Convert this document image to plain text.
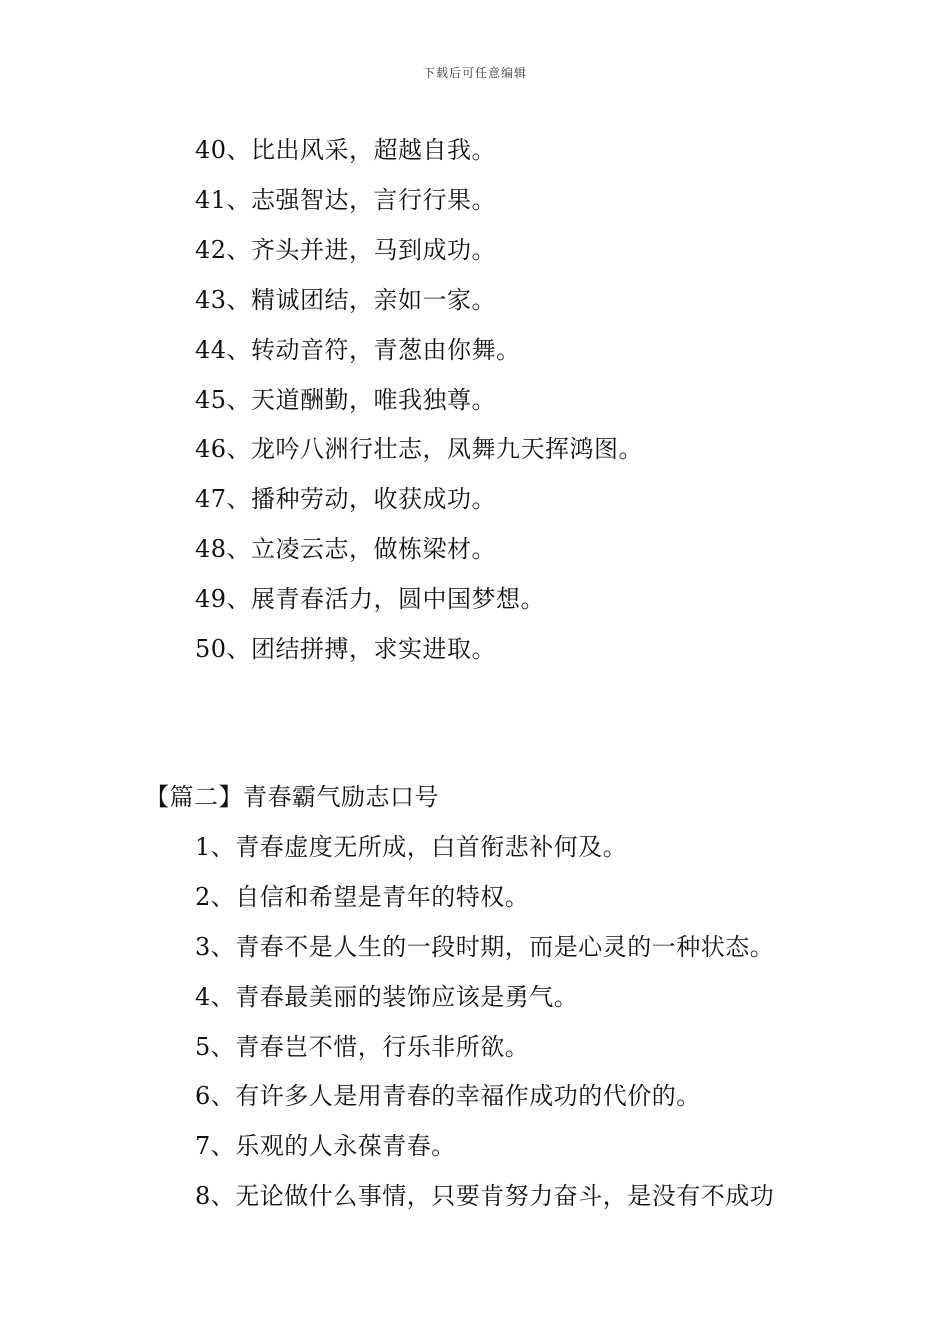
下载后可任意编辑
40、比出风采，超越自我。
41、志强智达，言行行果。
42、齐头并进，马到成功。
43、精诚团结，亲如一家。
44、转动音符，青葱由你舞。
45、天道酬勤，唯我独尊。
46、龙吟八洲行壮志，凤舞九天挥鸿图。
47、播种劳动，收获成功。
48、立凌云志，做栋梁材。
49、展青春活力，圆中国梦想。
50、团结拼搏，求实进取。
【篇二】青春霸气励志口号
1、青春虚度无所成，白首衔悲补何及。
2、自信和希望是青年的特权。
3、青春不是人生的一段时期，而是心灵的一种状态。
4、青春最美丽的装饰应该是勇气。
5、青春岂不惜，行乐非所欲。
6、有许多人是用青春的幸福作成功的代价的。
7、乐观的人永葆青春。
8、无论做什么事情，只要肯努力奋斗，是没有不成功
